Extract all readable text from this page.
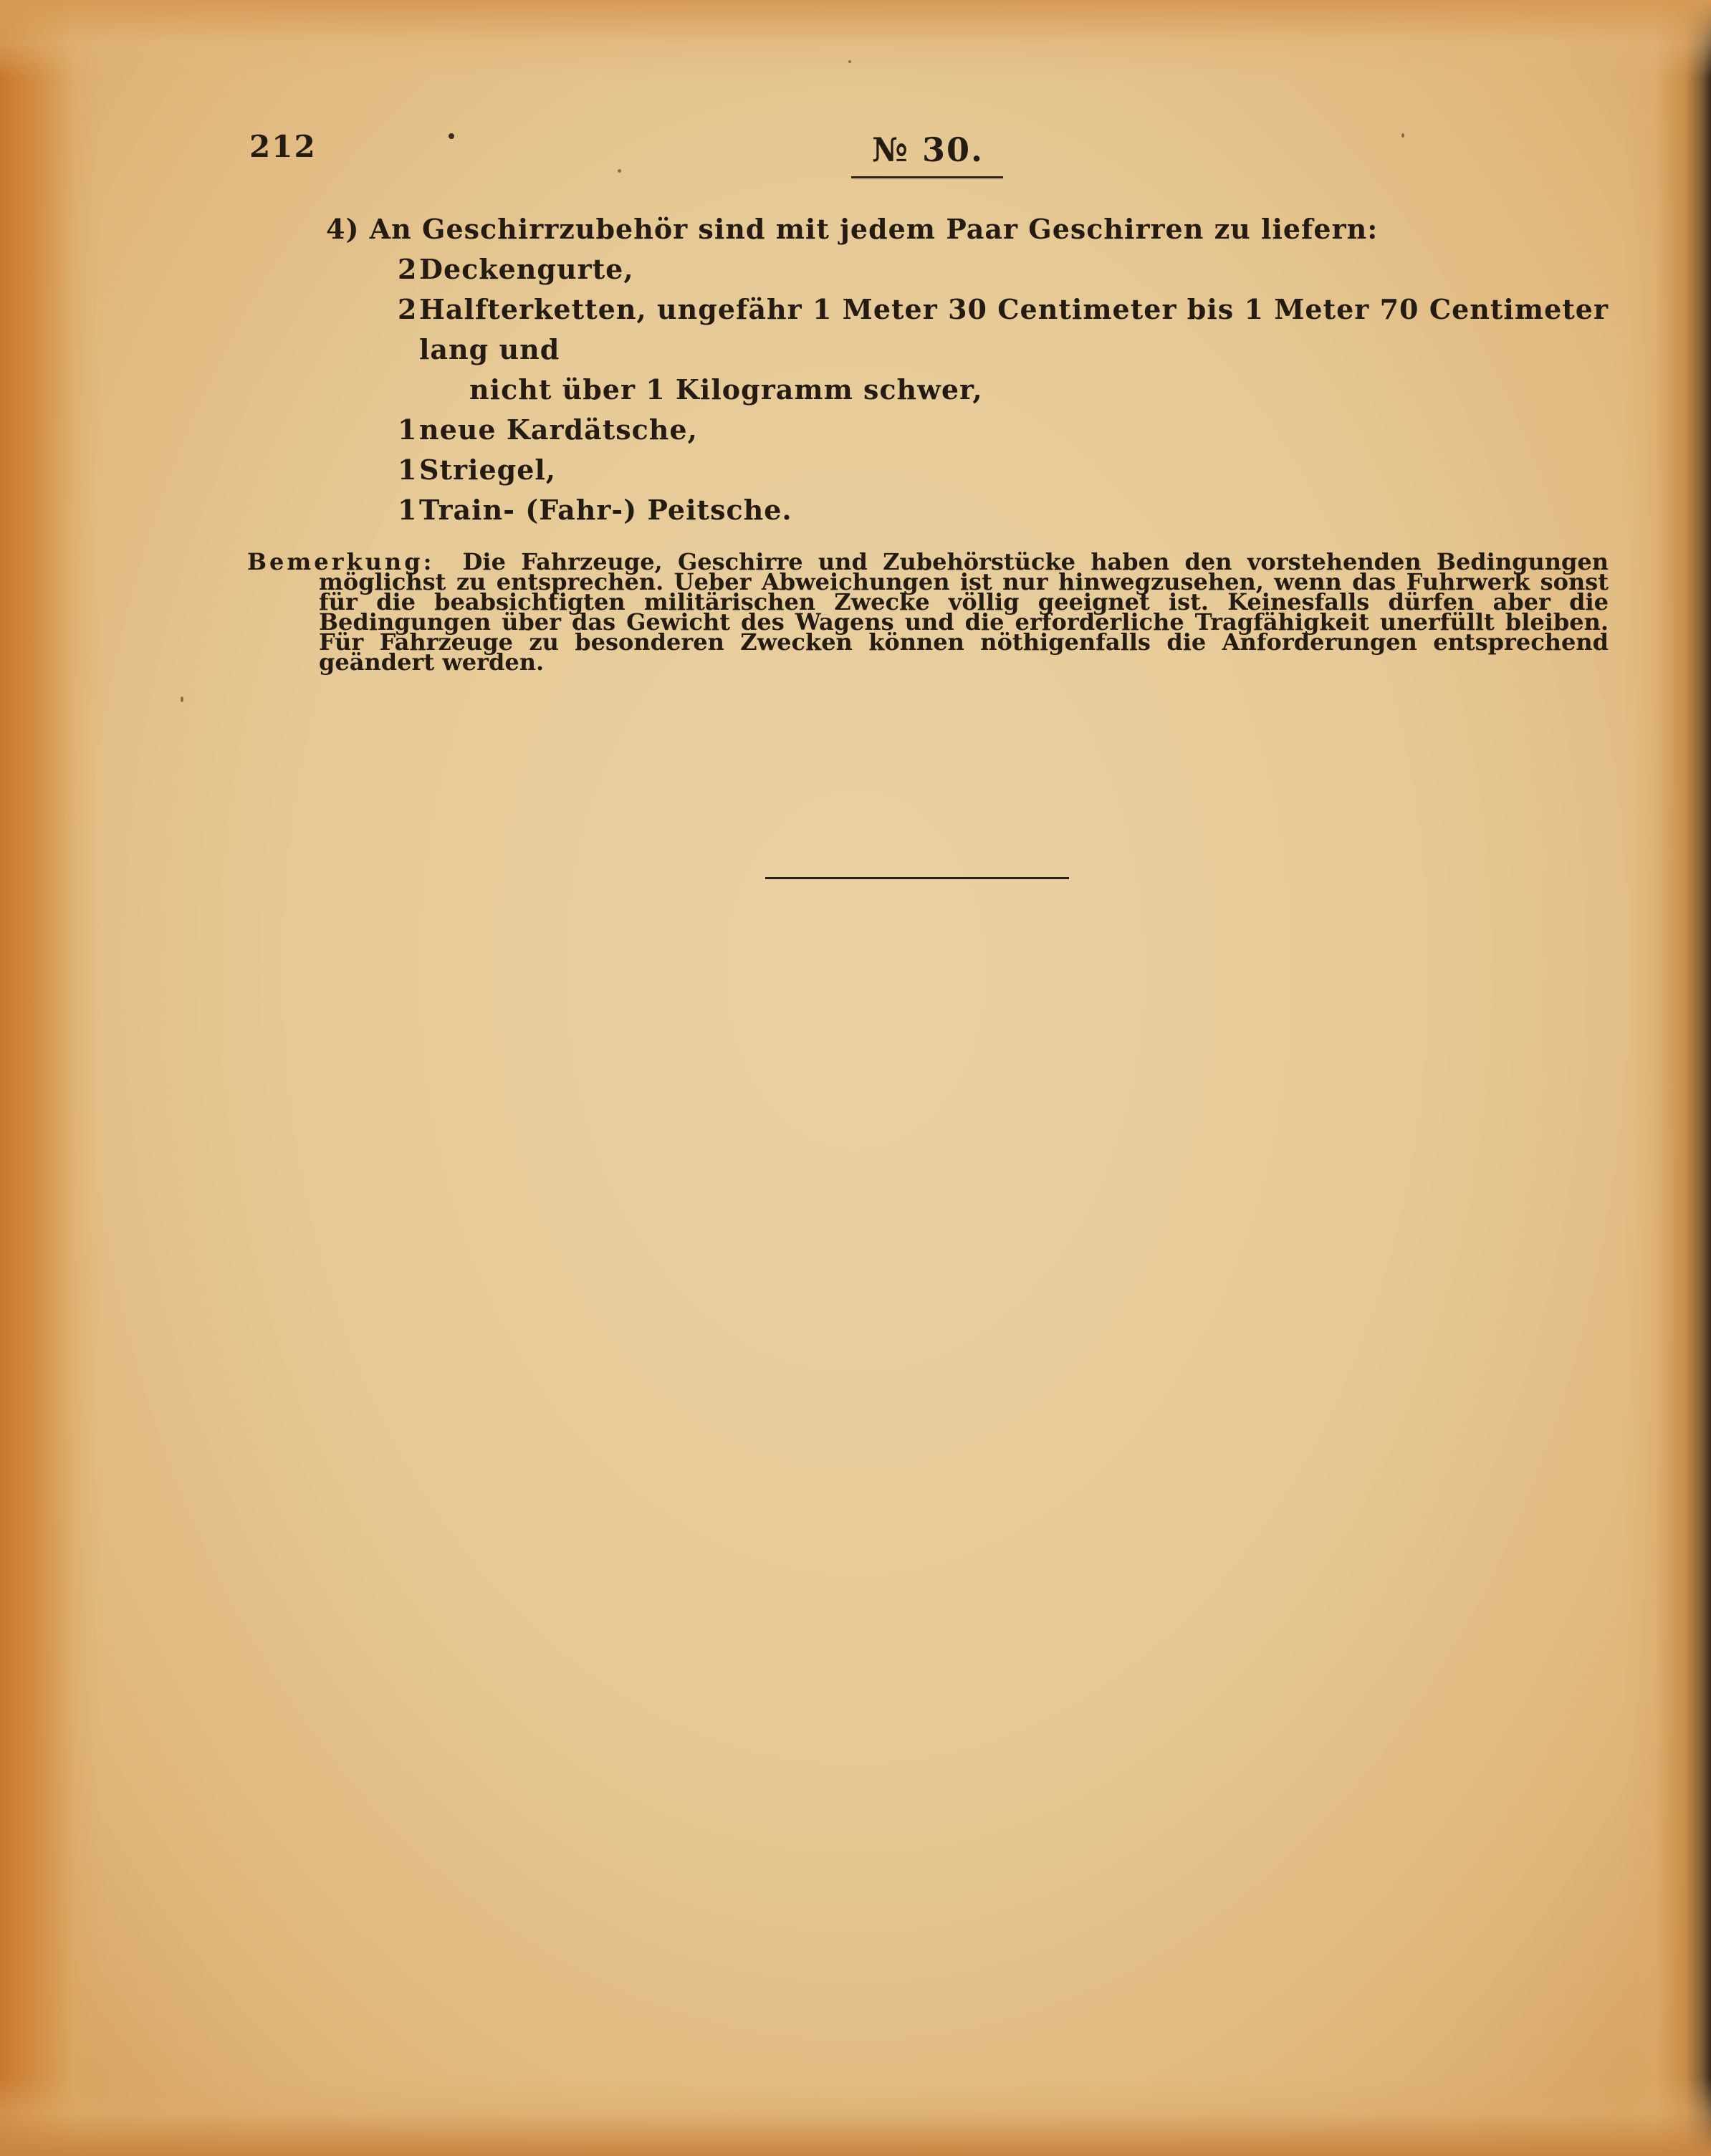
212	№ 30.
4) An Geschirrzubehör sind mit jedem Paar Geschirren zu liefern:
2 Deckengurte,
2 Halfterketten, ungefähr 1 Meter 30 Centimeter bis 1 Meter 70 Centimeter lang und
nicht über 1 Kilogramm schwer,
1 neue Kardätsche,
1 Striegel,
1 Train- (Fahr-) Peitsche.
Bemerkung: Die Fahrzeuge, Geschirre und Zubehörstücke haben den vorstehenden Bedingungen möglichst zu entsprechen. Ueber Abweichungen ist nur hinwegzusehen, wenn das Fuhrwerk sonst für die beabsichtigten militärischen Zwecke völlig geeignet ist. Keinesfalls dürfen aber die Bedingungen über das Gewicht des Wagens und die erforderliche Tragfähigkeit unerfüllt bleiben. Für Fahrzeuge zu besonderen Zwecken können nöthigenfalls die Anforderungen entsprechend geändert werden.
